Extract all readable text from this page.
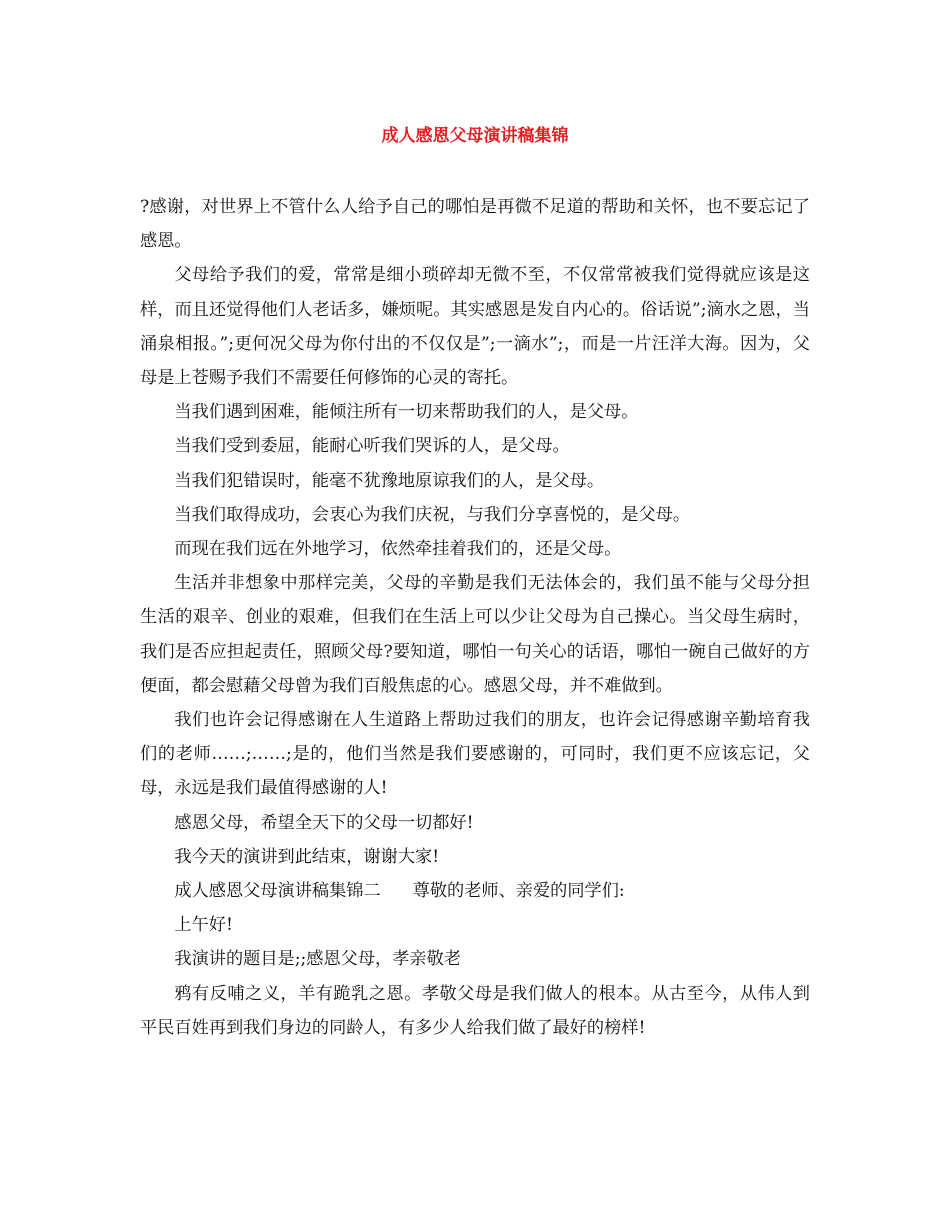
成人感恩父母演讲稿集锦

?感谢，对世界上不管什么人给予自己的哪怕是再微不足道的帮助和关怀，也不要忘记了感恩。

父母给予我们的爱，常常是细小琐碎却无微不至，不仅常常被我们觉得就应该是这样，而且还觉得他们人老话多，嫌烦呢。其实感恩是发自内心的。俗话说”;滴水之恩，当涌泉相报。”;更何况父母为你付出的不仅仅是”;一滴水”;，而是一片汪洋大海。因为，父母是上苍赐予我们不需要任何修饰的心灵的寄托。

当我们遇到困难，能倾注所有一切来帮助我们的人，是父母。

当我们受到委屈，能耐心听我们哭诉的人，是父母。

当我们犯错误时，能毫不犹豫地原谅我们的人，是父母。

当我们取得成功，会衷心为我们庆祝，与我们分享喜悦的，是父母。

而现在我们远在外地学习，依然牵挂着我们的，还是父母。

生活并非想象中那样完美，父母的辛勤是我们无法体会的，我们虽不能与父母分担生活的艰辛、创业的艰难，但我们在生活上可以少让父母为自己操心。当父母生病时，我们是否应担起责任，照顾父母?要知道，哪怕一句关心的话语，哪怕一碗自己做好的方便面，都会慰藉父母曾为我们百般焦虑的心。感恩父母，并不难做到。

我们也许会记得感谢在人生道路上帮助过我们的朋友，也许会记得感谢辛勤培育我们的老师……;……;是的，他们当然是我们要感谢的，可同时，我们更不应该忘记，父母，永远是我们最值得感谢的人!

感恩父母，希望全天下的父母一切都好!

我今天的演讲到此结束，谢谢大家!

成人感恩父母演讲稿集锦二 尊敬的老师、亲爱的同学们:

上午好!

我演讲的题目是;;感恩父母，孝亲敬老

鸦有反哺之义，羊有跪乳之恩。孝敬父母是我们做人的根本。从古至今，从伟人到平民百姓再到我们身边的同龄人，有多少人给我们做了最好的榜样!
